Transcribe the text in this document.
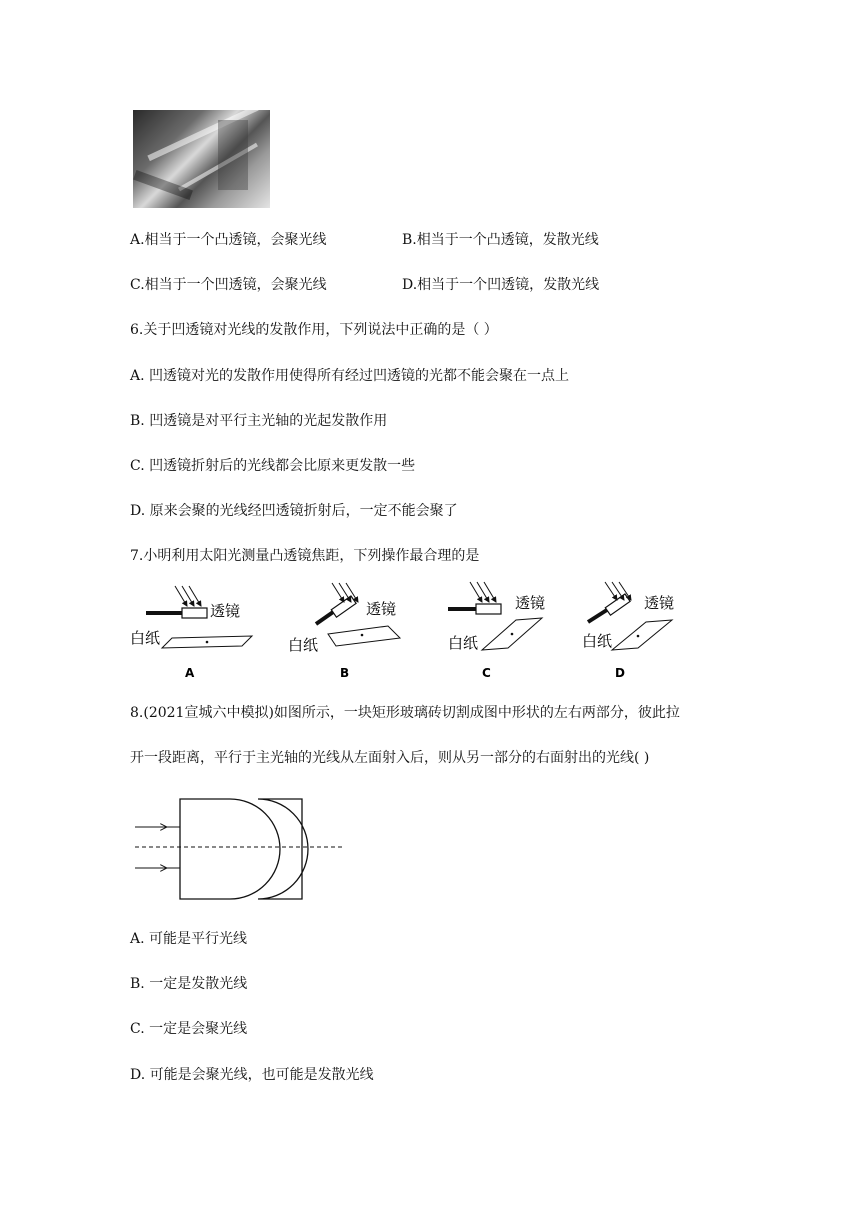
A.相当于一个凸透镜，会聚光线	B.相当于一个凸透镜，发散光线
C.相当于一个凹透镜，会聚光线	D.相当于一个凹透镜，发散光线
6.关于凹透镜对光线的发散作用，下列说法中正确的是（ ）
A. 凹透镜对光的发散作用使得所有经过凹透镜的光都不能会聚在一点上
B. 凹透镜是对平行主光轴的光起发散作用
C. 凹透镜折射后的光线都会比原来更发散一些
D. 原来会聚的光线经凹透镜折射后，一定不能会聚了
7.小明利用太阳光测量凸透镜焦距，下列操作最合理的是
透镜
白纸
A
透镜
白纸
B
透镜
白纸
C
透镜
白纸
D
8.(2021宣城六中模拟)如图所示，一块矩形玻璃砖切割成图中形状的左右两部分，彼此拉
开一段距离，平行于主光轴的光线从左面射入后，则从另一部分的右面射出的光线( )
A. 可能是平行光线
B. 一定是发散光线
C. 一定是会聚光线
D. 可能是会聚光线，也可能是发散光线
